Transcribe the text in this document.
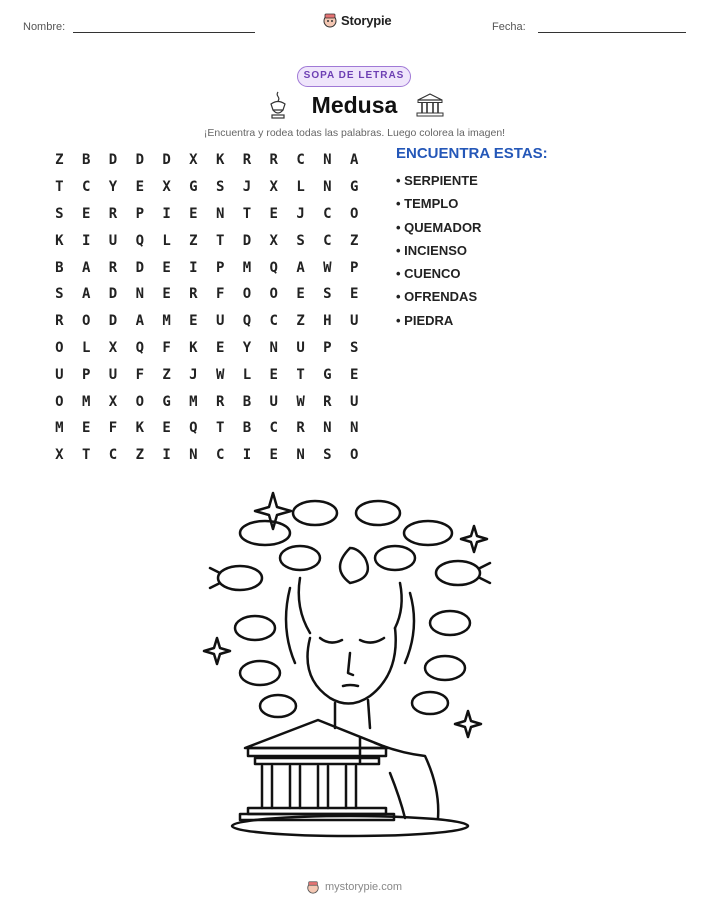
Nombre:	Storypie	Fecha:
SOPA DE LETRAS
Medusa
¡Encuentra y rodea todas las palabras. Luego colorea la imagen!
Z	B	D	D	D	X	K	R	R	C	N	A
T	C	Y	E	X	G	S	J	X	L	N	G
S	E	R	P	I	E	N	T	E	J	C	O
K	I	U	Q	L	Z	T	D	X	S	C	Z
B	A	R	D	E	I	P	M	Q	A	W	P
S	A	D	N	E	R	F	O	O	E	S	E
R	O	D	A	M	E	U	Q	C	Z	H	U
O	L	X	Q	F	K	E	Y	N	U	P	S
U	P	U	F	Z	J	W	L	E	T	G	E
O	M	X	O	G	M	R	B	U	W	R	U
M	E	F	K	E	Q	T	B	C	R	N	N
X	T	C	Z	I	N	C	I	E	N	S	O
ENCUENTRA ESTAS:
• SERPIENTE
• TEMPLO
• QUEMADOR
• INCIENSO
• CUENCO
• OFRENDAS
• PIEDRA
mystorypie.com
